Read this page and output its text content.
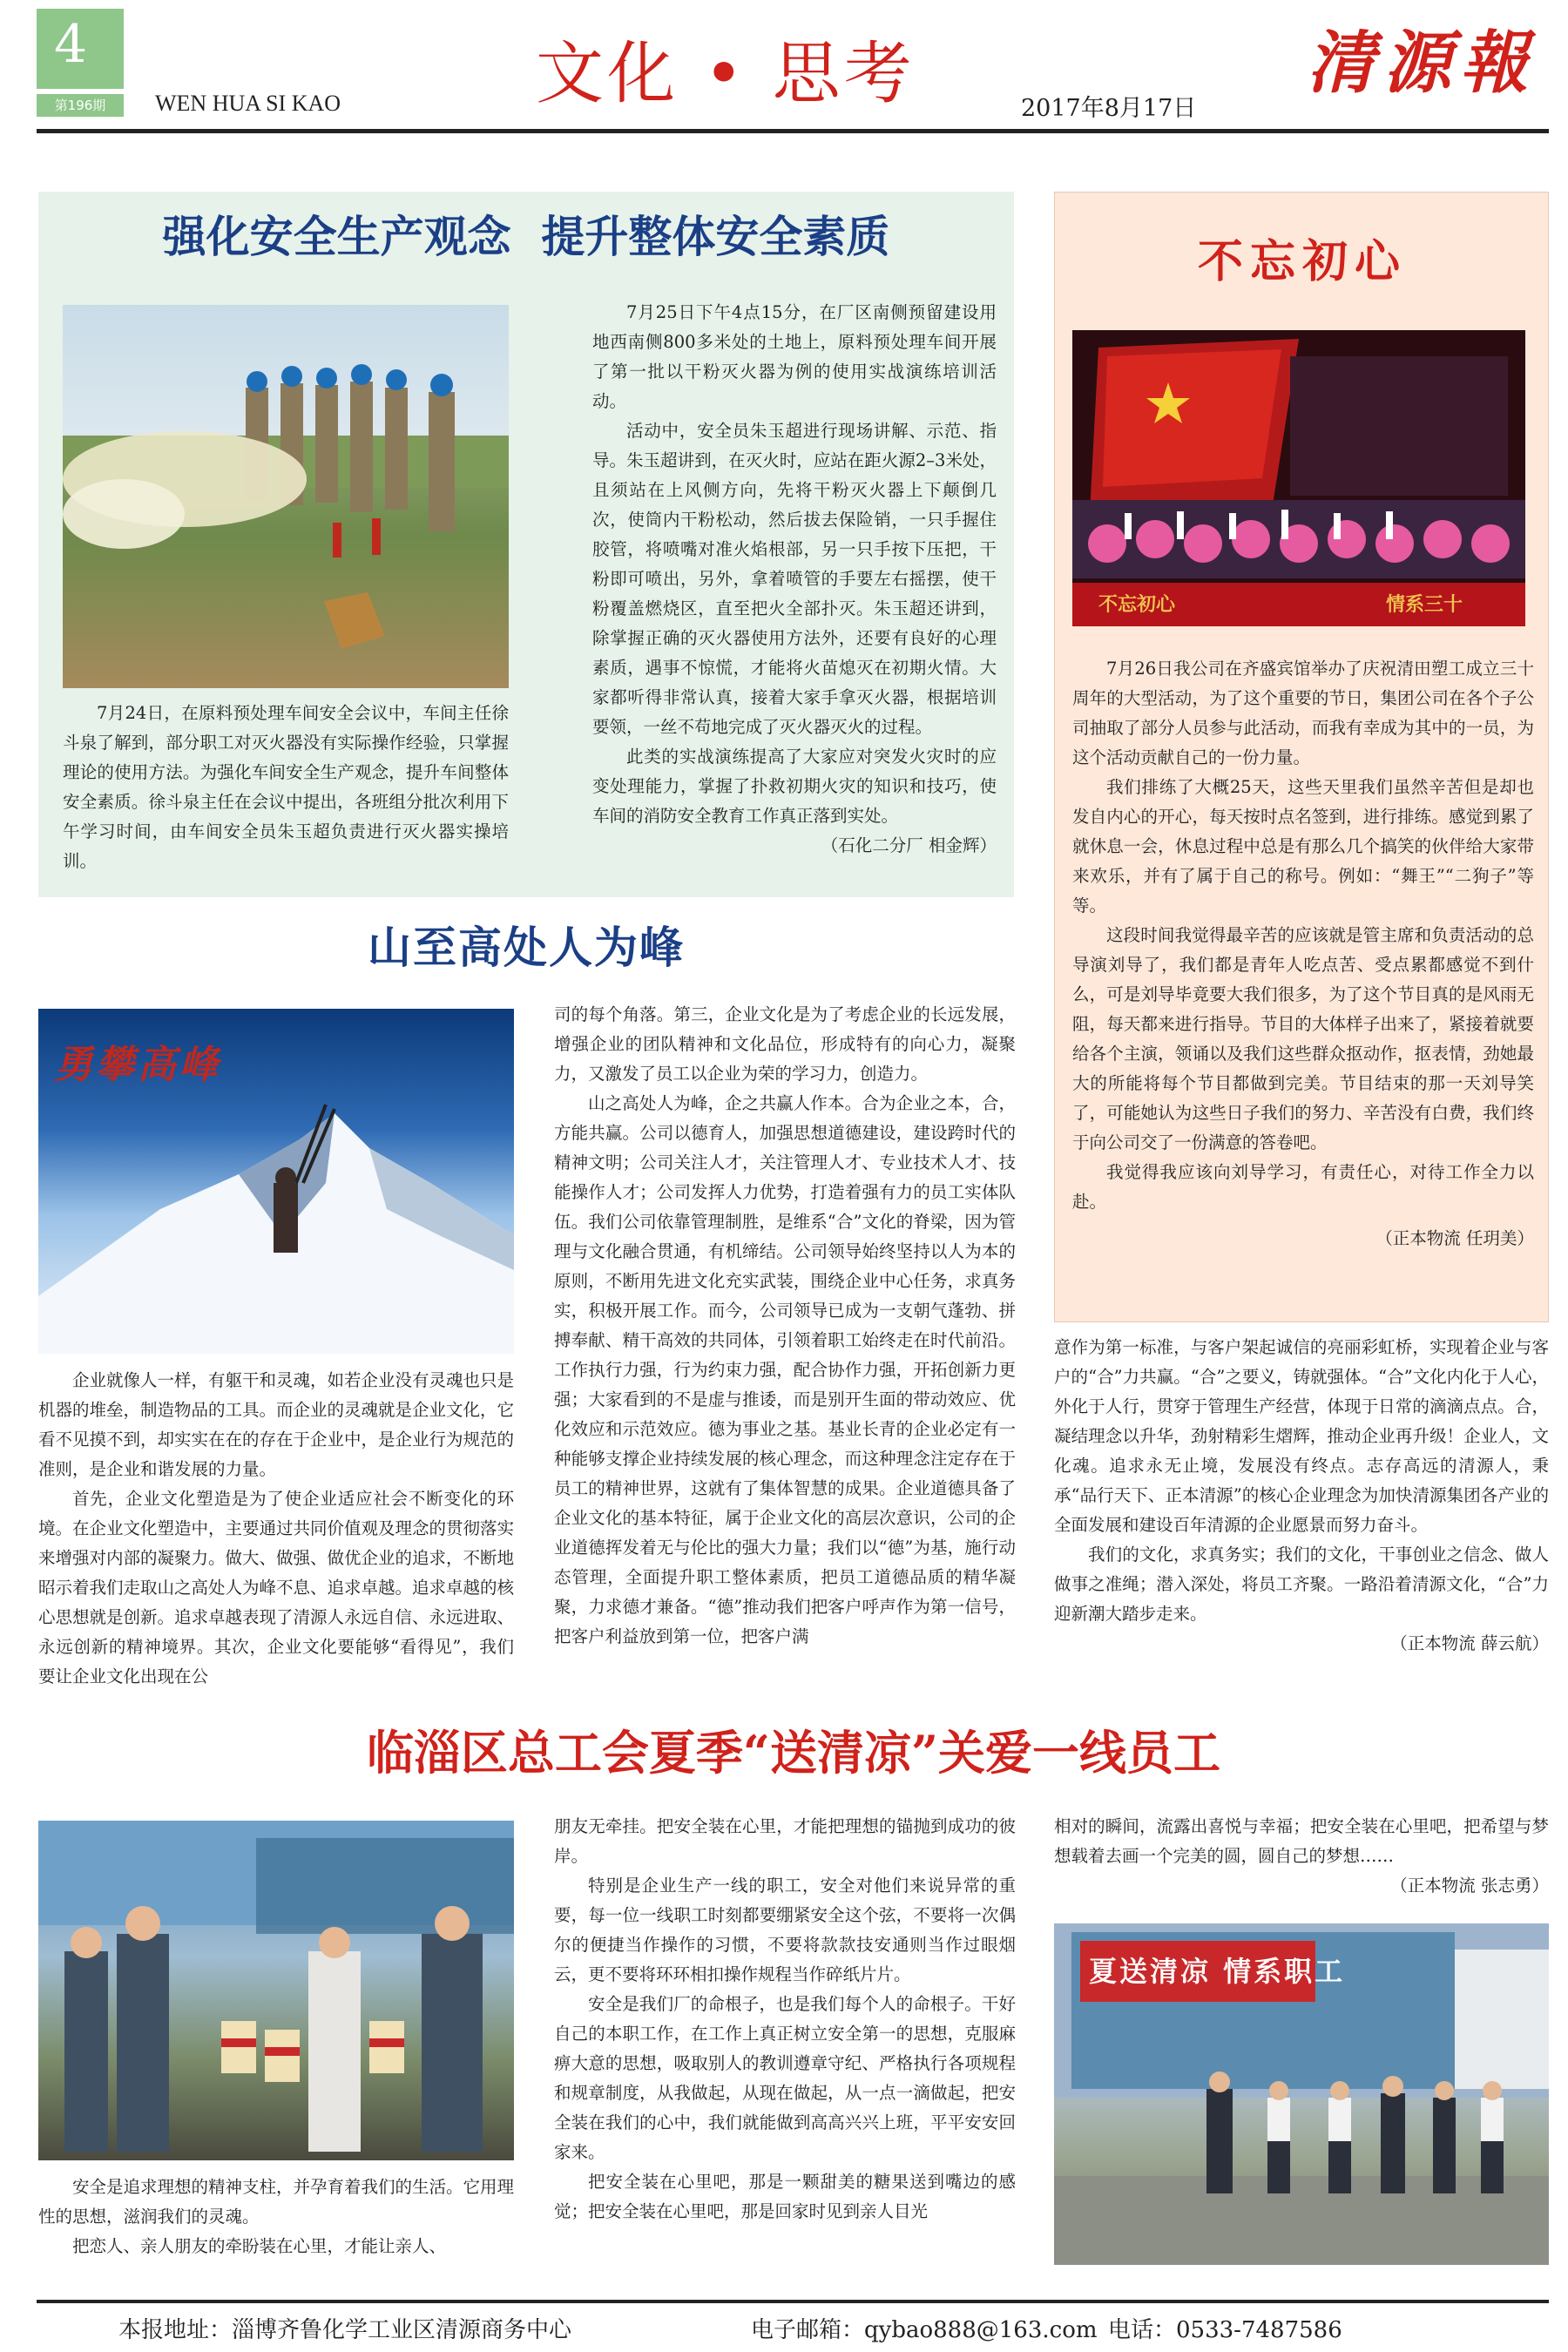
4
第196期	WEN HUA SI KAO	文化 • 思考	2017年8月17日
清源報
强化安全生产观念  提升整体安全素质

7月24日，在原料预处理车间安全会议中，车间主任徐斗泉了解到，部分职工对灭火器没有实际操作经验，只掌握理论的使用方法。为强化车间安全生产观念，提升车间整体安全素质。徐斗泉主任在会议中提出，各班组分批次利用下午学习时间，由车间安全员朱玉超负责进行灭火器实操培训。

7月25日下午4点15分，在厂区南侧预留建设用地西南侧800多米处的土地上，原料预处理车间开展了第一批以干粉灭火器为例的使用实战演练培训活动。

活动中，安全员朱玉超进行现场讲解、示范、指导。朱玉超讲到，在灭火时，应站在距火源2–3米处，且须站在上风侧方向，先将干粉灭火器上下颠倒几次，使筒内干粉松动，然后拔去保险销，一只手握住胶管，将喷嘴对准火焰根部，另一只手按下压把，干粉即可喷出，另外，拿着喷管的手要左右摇摆，使干粉覆盖燃烧区，直至把火全部扑灭。朱玉超还讲到，除掌握正确的灭火器使用方法外，还要有良好的心理素质，遇事不惊慌，才能将火苗熄灭在初期火情。大家都听得非常认真，接着大家手拿灭火器，根据培训要领，一丝不苟地完成了灭火器灭火的过程。

此类的实战演练提高了大家应对突发火灾时的应变处理能力，掌握了扑救初期火灾的知识和技巧，使车间的消防安全教育工作真正落到实处。

（石化二分厂 相金辉）

不忘初心
不忘初心	情系三十

7月26日我公司在齐盛宾馆举办了庆祝清田塑工成立三十周年的大型活动，为了这个重要的节日，集团公司在各个子公司抽取了部分人员参与此活动，而我有幸成为其中的一员，为这个活动贡献自己的一份力量。

我们排练了大概25天，这些天里我们虽然辛苦但是却也发自内心的开心，每天按时点名签到，进行排练。感觉到累了就休息一会，休息过程中总是有那么几个搞笑的伙伴给大家带来欢乐，并有了属于自己的称号。例如：“舞王”“二狗子”等等。

这段时间我觉得最辛苦的应该就是管主席和负责活动的总导演刘导了，我们都是青年人吃点苦、受点累都感觉不到什么，可是刘导毕竟要大我们很多，为了这个节目真的是风雨无阻，每天都来进行指导。节目的大体样子出来了，紧接着就要给各个主演，领诵以及我们这些群众抠动作，抠表情，劲她最大的所能将每个节目都做到完美。节目结束的那一天刘导笑了，可能她认为这些日子我们的努力、辛苦没有白费，我们终于向公司交了一份满意的答卷吧。

我觉得我应该向刘导学习，有责任心，对待工作全力以赴。

（正本物流 任玥美）

山至高处人为峰
勇攀高峰

企业就像人一样，有躯干和灵魂，如若企业没有灵魂也只是机器的堆垒，制造物品的工具。而企业的灵魂就是企业文化，它看不见摸不到，却实实在在的存在于企业中，是企业行为规范的准则，是企业和谐发展的力量。

首先，企业文化塑造是为了使企业适应社会不断变化的环境。在企业文化塑造中，主要通过共同价值观及理念的贯彻落实来增强对内部的凝聚力。做大、做强、做优企业的追求，不断地昭示着我们走取山之高处人为峰不息、追求卓越。追求卓越的核心思想就是创新。追求卓越表现了清源人永远自信、永远进取、永远创新的精神境界。其次，企业文化要能够“看得见”，我们要让企业文化出现在公

司的每个角落。第三，企业文化是为了考虑企业的长远发展，增强企业的团队精神和文化品位，形成特有的向心力，凝聚力，又激发了员工以企业为荣的学习力，创造力。

山之高处人为峰，企之共赢人作本。合为企业之本，合，方能共赢。公司以德育人，加强思想道德建设，建设跨时代的精神文明；公司关注人才，关注管理人才、专业技术人才、技能操作人才；公司发挥人力优势，打造着强有力的员工实体队伍。我们公司依靠管理制胜，是维系“合”文化的脊梁，因为管理与文化融合贯通，有机缔结。公司领导始终坚持以人为本的原则，不断用先进文化充实武装，围绕企业中心任务，求真务实，积极开展工作。而今，公司领导已成为一支朝气蓬勃、拼搏奉献、精干高效的共同体，引领着职工始终走在时代前沿。工作执行力强，行为约束力强，配合协作力强，开拓创新力更强；大家看到的不是虚与推诿，而是别开生面的带动效应、优化效应和示范效应。德为事业之基。基业长青的企业必定有一种能够支撑企业持续发展的核心理念，而这种理念注定存在于员工的精神世界，这就有了集体智慧的成果。企业道德具备了企业文化的基本特征，属于企业文化的高层次意识，公司的企业道德挥发着无与伦比的强大力量；我们以“德”为基，施行动态管理，全面提升职工整体素质，把员工道德品质的精华凝聚，力求德才兼备。“德”推动我们把客户呼声作为第一信号，把客户利益放到第一位，把客户满

意作为第一标准，与客户架起诚信的亮丽彩虹桥，实现着企业与客户的“合”力共赢。“合”之要义，铸就强体。“合”文化内化于人心，外化于人行，贯穿于管理生产经营，体现于日常的滴滴点点。合，凝结理念以升华，劲射精彩生熠辉，推动企业再升级！企业人，文化魂。追求永无止境，发展没有终点。志存高远的清源人，秉承“品行天下、正本清源”的核心企业理念为加快清源集团各产业的全面发展和建设百年清源的企业愿景而努力奋斗。

我们的文化，求真务实；我们的文化，干事创业之信念、做人做事之准绳；潜入深处，将员工齐聚。一路沿着清源文化，“合”力迎新潮大踏步走来。

（正本物流 薛云航）

临淄区总工会夏季“送清凉”关爱一线员工

安全是追求理想的精神支柱，并孕育着我们的生活。它用理性的思想，滋润我们的灵魂。

把恋人、亲人朋友的牵盼装在心里，才能让亲人、

朋友无牵挂。把安全装在心里，才能把理想的锚抛到成功的彼岸。

特别是企业生产一线的职工，安全对他们来说异常的重要，每一位一线职工时刻都要绷紧安全这个弦，不要将一次偶尔的便捷当作操作的习惯，不要将款款技安通则当作过眼烟云，更不要将环环相扣操作规程当作碎纸片片。

安全是我们厂的命根子，也是我们每个人的命根子。干好自己的本职工作，在工作上真正树立安全第一的思想，克服麻痹大意的思想，吸取别人的教训遵章守纪、严格执行各项规程和规章制度，从我做起，从现在做起，从一点一滴做起，把安全装在我们的心中，我们就能做到高高兴兴上班，平平安安回家来。

把安全装在心里吧，那是一颗甜美的糖果送到嘴边的感觉；把安全装在心里吧，那是回家时见到亲人目光

相对的瞬间，流露出喜悦与幸福；把安全装在心里吧，把希望与梦想载着去画一个完美的圆，圆自己的梦想……

（正本物流 张志勇）

夏送清凉 情系职工
本报地址：淄博齐鲁化学工业区清源商务中心	电子邮箱：qybao888@163.com 电话：0533-7487586
